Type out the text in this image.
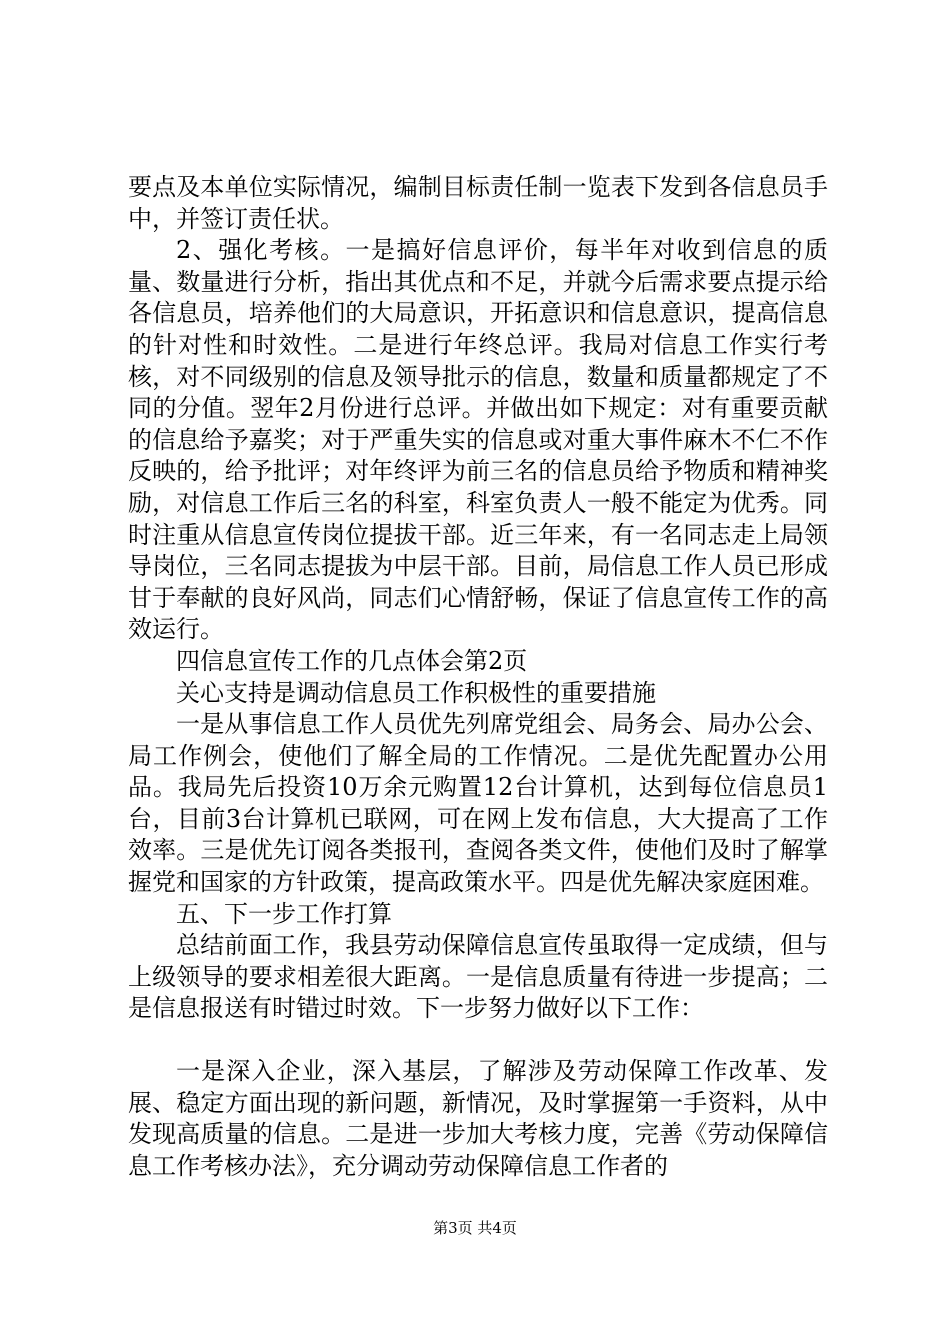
要点及本单位实际情况，编制目标责任制一览表下发到各信息员手中，并签订责任状。

2、强化考核。一是搞好信息评价，每半年对收到信息的质量、数量进行分析，指出其优点和不足，并就今后需求要点提示给各信息员，培养他们的大局意识，开拓意识和信息意识，提高信息的针对性和时效性。二是进行年终总评。我局对信息工作实行考核，对不同级别的信息及领导批示的信息，数量和质量都规定了不同的分值。翌年2月份进行总评。并做出如下规定：对有重要贡献的信息给予嘉奖；对于严重失实的信息或对重大事件麻木不仁不作反映的，给予批评；对年终评为前三名的信息员给予物质和精神奖励，对信息工作后三名的科室，科室负责人一般不能定为优秀。同时注重从信息宣传岗位提拔干部。近三年来，有一名同志走上局领导岗位，三名同志提拔为中层干部。目前，局信息工作人员已形成甘于奉献的良好风尚，同志们心情舒畅，保证了信息宣传工作的高效运行。

四信息宣传工作的几点体会第2页

关心支持是调动信息员工作积极性的重要措施

一是从事信息工作人员优先列席党组会、局务会、局办公会、局工作例会，使他们了解全局的工作情况。二是优先配置办公用品。我局先后投资10万余元购置12台计算机，达到每位信息员1台，目前3台计算机已联网，可在网上发布信息，大大提高了工作效率。三是优先订阅各类报刊，查阅各类文件，使他们及时了解掌握党和国家的方针政策，提高政策水平。四是优先解决家庭困难。

五、下一步工作打算

总结前面工作，我县劳动保障信息宣传虽取得一定成绩，但与上级领导的要求相差很大距离。一是信息质量有待进一步提高；二是信息报送有时错过时效。下一步努力做好以下工作：

一是深入企业，深入基层，了解涉及劳动保障工作改革、发展、稳定方面出现的新问题，新情况，及时掌握第一手资料，从中发现高质量的信息。二是进一步加大考核力度，完善《劳动保障信息工作考核办法》，充分调动劳动保障信息工作者的

第3页 共4页
